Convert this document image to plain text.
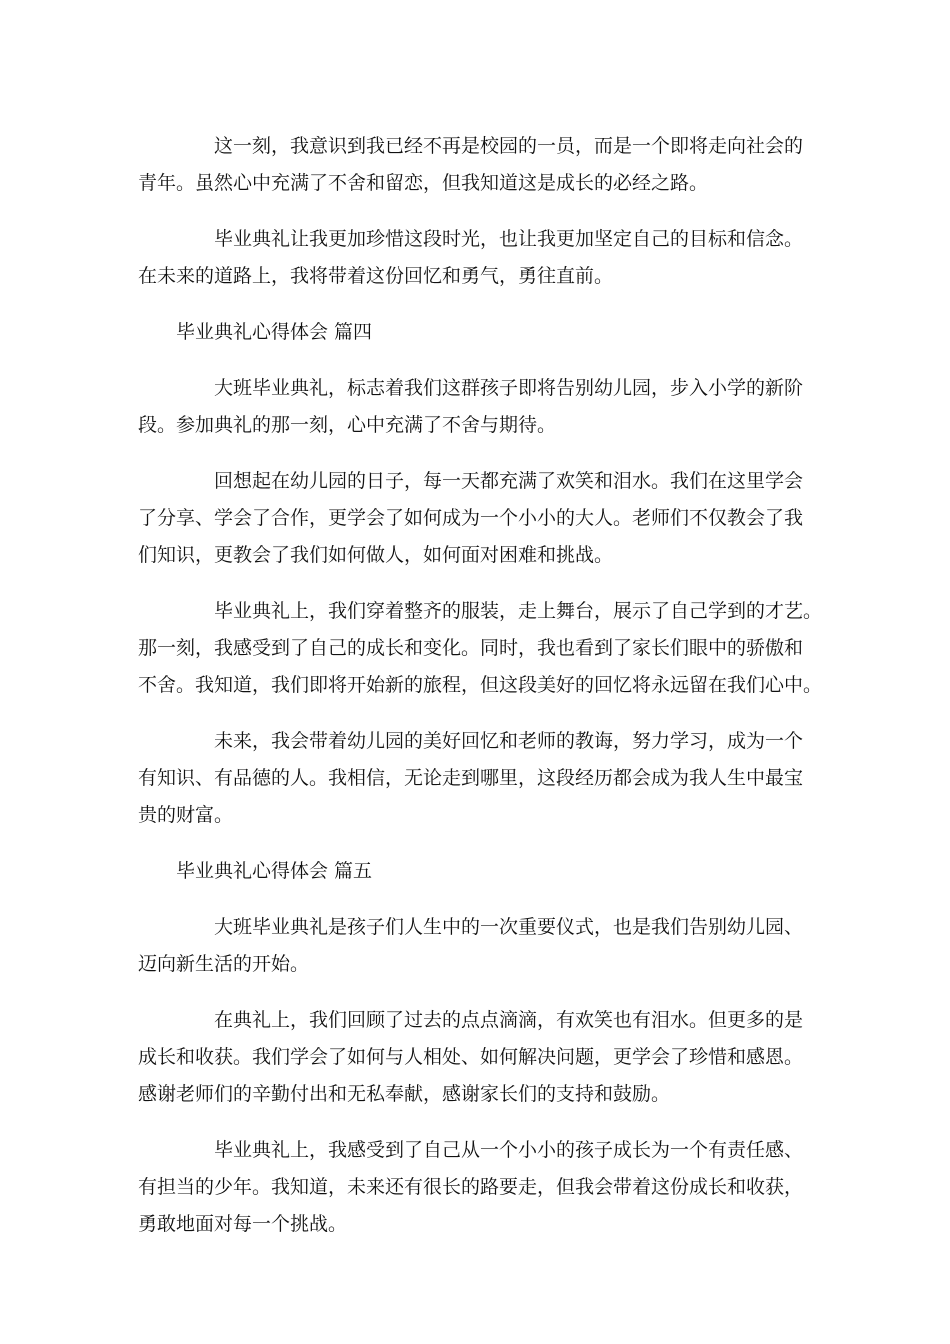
这一刻，我意识到我已经不再是校园的一员，而是一个即将走向社会的
青年。虽然心中充满了不舍和留恋，但我知道这是成长的必经之路。

毕业典礼让我更加珍惜这段时光，也让我更加坚定自己的目标和信念。
在未来的道路上，我将带着这份回忆和勇气，勇往直前。

毕业典礼心得体会 篇四

大班毕业典礼，标志着我们这群孩子即将告别幼儿园，步入小学的新阶
段。参加典礼的那一刻，心中充满了不舍与期待。

回想起在幼儿园的日子，每一天都充满了欢笑和泪水。我们在这里学会
了分享、学会了合作，更学会了如何成为一个小小的大人。老师们不仅教会了我
们知识，更教会了我们如何做人，如何面对困难和挑战。

毕业典礼上，我们穿着整齐的服装，走上舞台，展示了自己学到的才艺。
那一刻，我感受到了自己的成长和变化。同时，我也看到了家长们眼中的骄傲和
不舍。我知道，我们即将开始新的旅程，但这段美好的回忆将永远留在我们心中。

未来，我会带着幼儿园的美好回忆和老师的教诲，努力学习，成为一个
有知识、有品德的人。我相信，无论走到哪里，这段经历都会成为我人生中最宝
贵的财富。

毕业典礼心得体会 篇五

大班毕业典礼是孩子们人生中的一次重要仪式，也是我们告别幼儿园、
迈向新生活的开始。

在典礼上，我们回顾了过去的点点滴滴，有欢笑也有泪水。但更多的是
成长和收获。我们学会了如何与人相处、如何解决问题，更学会了珍惜和感恩。
感谢老师们的辛勤付出和无私奉献，感谢家长们的支持和鼓励。

毕业典礼上，我感受到了自己从一个小小的孩子成长为一个有责任感、
有担当的少年。我知道，未来还有很长的路要走，但我会带着这份成长和收获，
勇敢地面对每一个挑战。
